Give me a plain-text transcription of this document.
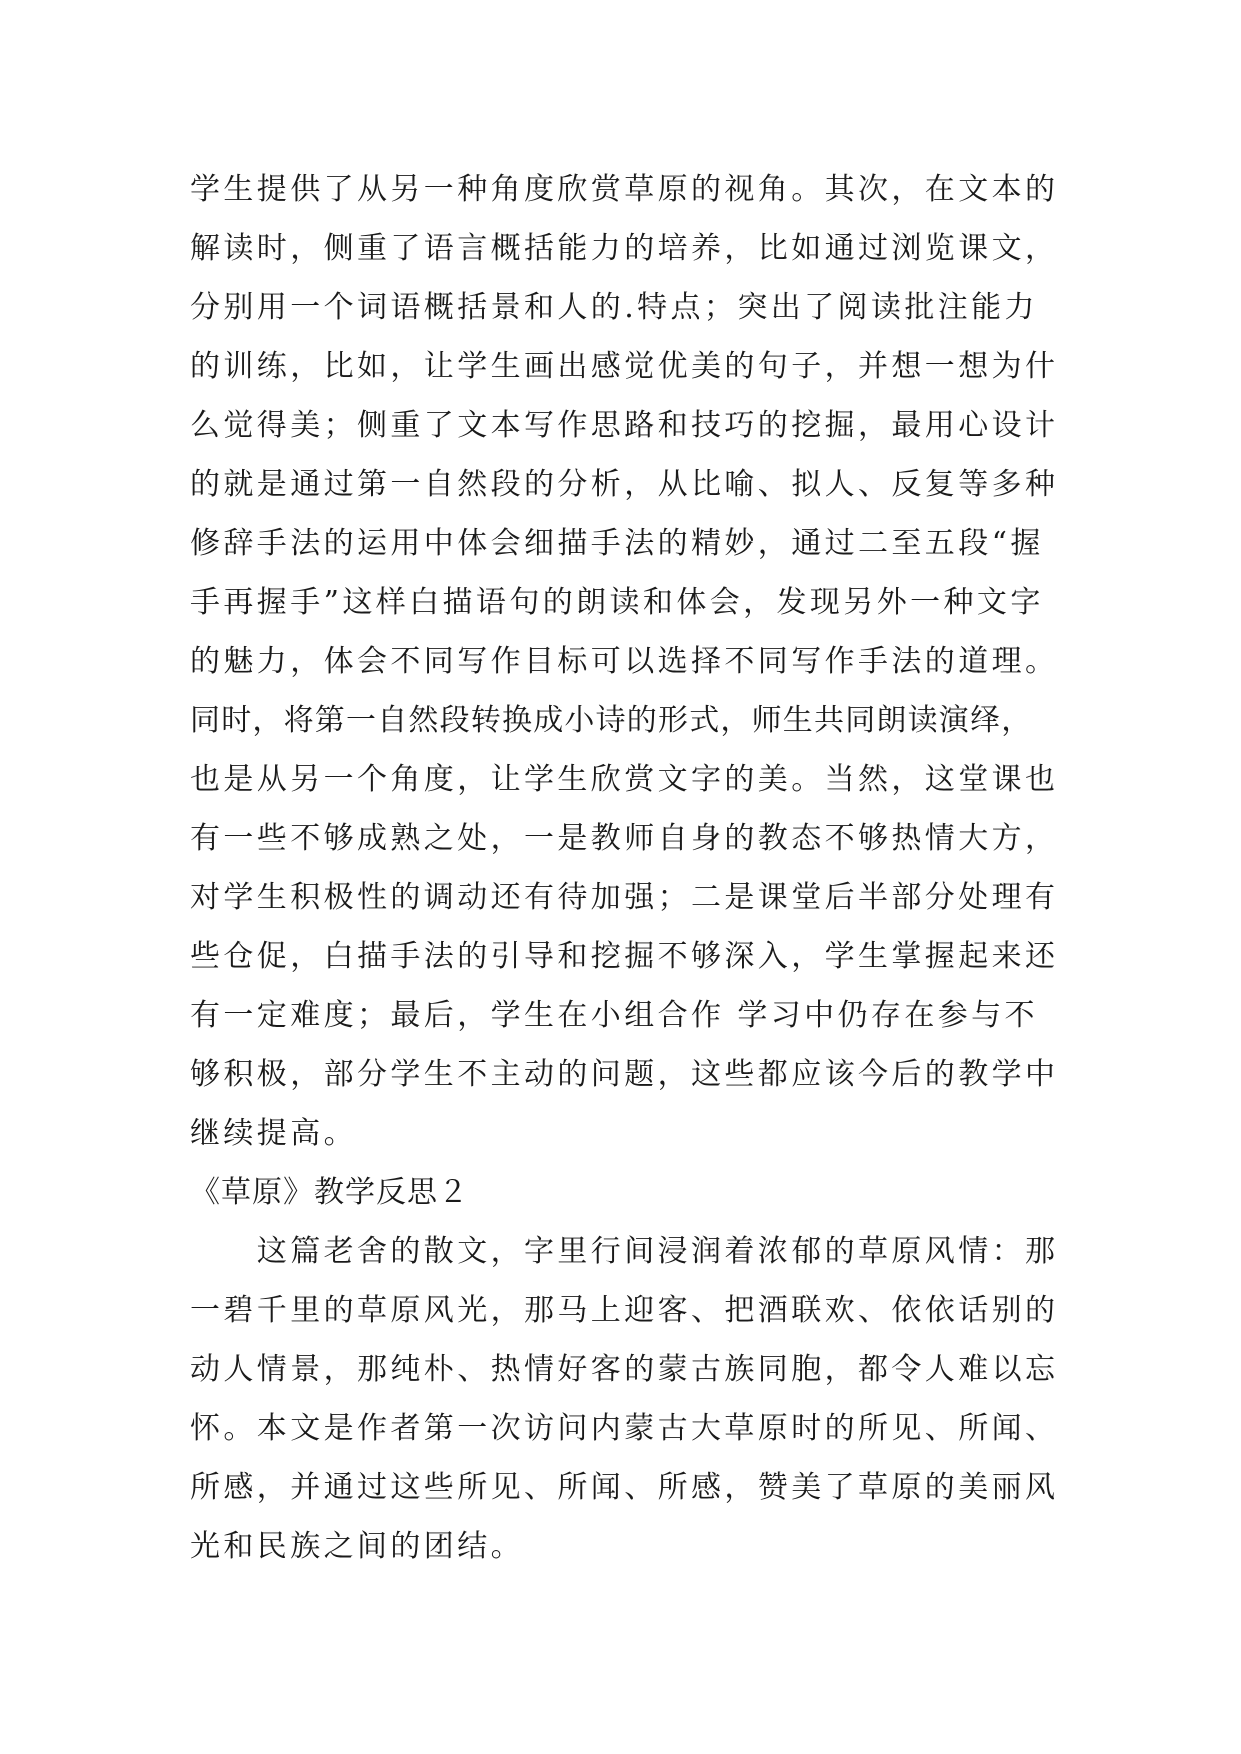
学生提供了从另一种角度欣赏草原的视角。其次，在文本的
解读时，侧重了语言概括能力的培养，比如通过浏览课文，
分别用一个词语概括景和人的.特点；突出了阅读批注能力
的训练，比如，让学生画出感觉优美的句子，并想一想为什
么觉得美；侧重了文本写作思路和技巧的挖掘，最用心设计
的就是通过第一自然段的分析，从比喻、拟人、反复等多种
修辞手法的运用中体会细描手法的精妙，通过二至五段“握
手再握手”这样白描语句的朗读和体会，发现另外一种文字
的魅力，体会不同写作目标可以选择不同写作手法的道理。
同时，将第一自然段转换成小诗的形式，师生共同朗读演绎，
也是从另一个角度，让学生欣赏文字的美。当然，这堂课也
有一些不够成熟之处，一是教师自身的教态不够热情大方，
对学生积极性的调动还有待加强；二是课堂后半部分处理有
些仓促，白描手法的引导和挖掘不够深入，学生掌握起来还
有一定难度；最后，学生在小组合作 学习中仍存在参与不
够积极，部分学生不主动的问题，这些都应该今后的教学中
继续提高。
《草原》教学反思２
　　这篇老舍的散文，字里行间浸润着浓郁的草原风情：那
一碧千里的草原风光，那马上迎客、把酒联欢、依依话别的
动人情景，那纯朴、热情好客的蒙古族同胞，都令人难以忘
怀。本文是作者第一次访问内蒙古大草原时的所见、所闻、
所感，并通过这些所见、所闻、所感，赞美了草原的美丽风
光和民族之间的团结。
